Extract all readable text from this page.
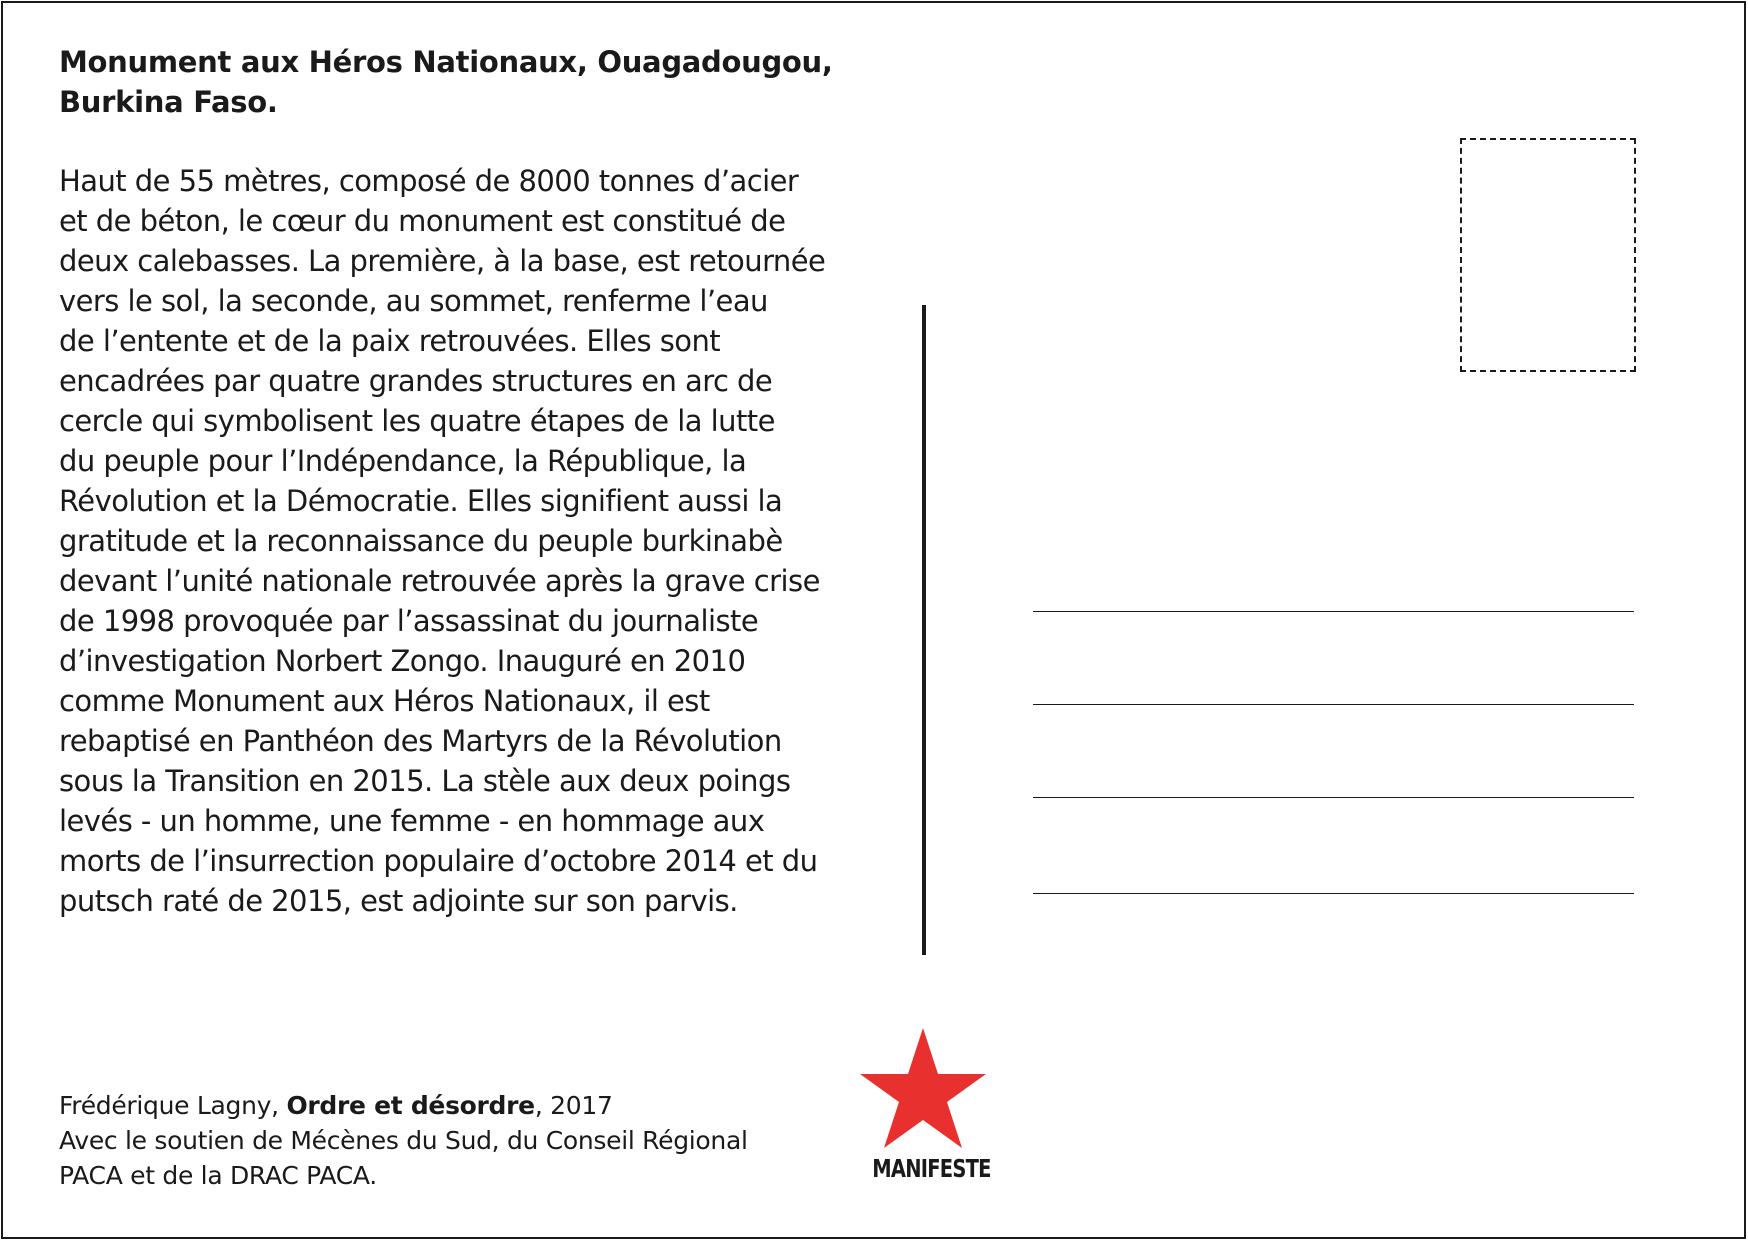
Monument aux Héros Nationaux, Ouagadougou,
Burkina Faso.
Haut de 55 mètres, composé de 8000 tonnes d’acier
et de béton, le cœur du monument est constitué de
deux calebasses. La première, à la base, est retournée
vers le sol, la seconde, au sommet, renferme l’eau
de l’entente et de la paix retrouvées. Elles sont
encadrées par quatre grandes structures en arc de
cercle qui symbolisent les quatre étapes de la lutte
du peuple pour l’Indépendance, la République, la
Révolution et la Démocratie. Elles signifient aussi la
gratitude et la reconnaissance du peuple burkinabè
devant l’unité nationale retrouvée après la grave crise
de 1998 provoquée par l’assassinat du journaliste
d’investigation Norbert Zongo. Inauguré en 2010
comme Monument aux Héros Nationaux, il est
rebaptisé en Panthéon des Martyrs de la Révolution
sous la Transition en 2015. La stèle aux deux poings
levés - un homme, une femme - en hommage aux
morts de l’insurrection populaire d’octobre 2014 et du
putsch raté de 2015, est adjointe sur son parvis.
Frédérique Lagny, Ordre et désordre, 2017
Avec le soutien de Mécènes du Sud, du Conseil Régional
PACA et de la DRAC PACA.	MANIFESTE
